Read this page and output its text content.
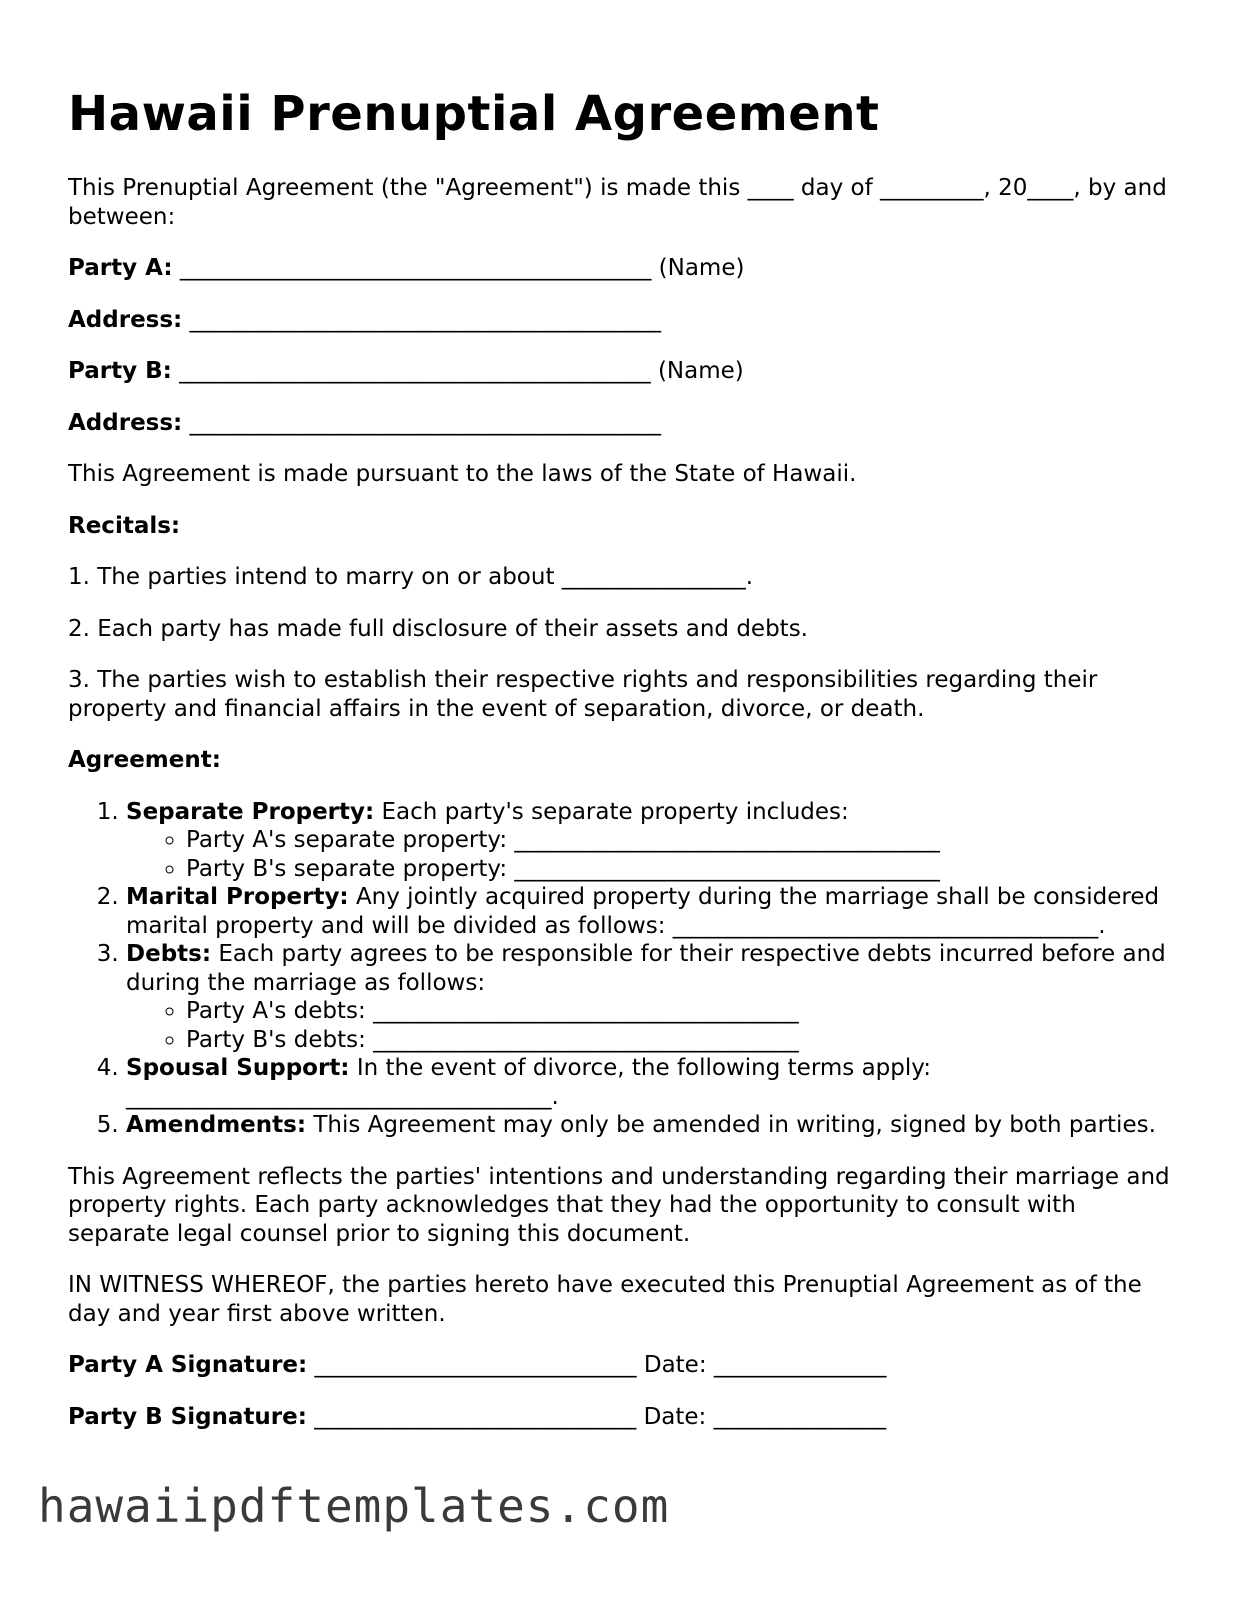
Hawaii Prenuptial Agreement

This Prenuptial Agreement (the "Agreement") is made this ____ day of _________, 20____, by and between:

Party A: _________________________________________ (Name)

Address: _________________________________________

Party B: _________________________________________ (Name)

Address: _________________________________________

This Agreement is made pursuant to the laws of the State of Hawaii.

Recitals:

1. The parties intend to marry on or about ________________.

2. Each party has made full disclosure of their assets and debts.

3. The parties wish to establish their respective rights and responsibilities regarding their property and financial affairs in the event of separation, divorce, or death.

Agreement:

1. Separate Property: Each party's separate property includes:
◦ Party A's separate property: _____________________________________
◦ Party B's separate property: _____________________________________
2. Marital Property: Any jointly acquired property during the marriage shall be considered marital property and will be divided as follows: _____________________________________.
3. Debts: Each party agrees to be responsible for their respective debts incurred before and during the marriage as follows:
◦ Party A's debts: _____________________________________
◦ Party B's debts: _____________________________________
4. Spousal Support: In the event of divorce, the following terms apply: _____________________________________.
5. Amendments: This Agreement may only be amended in writing, signed by both parties.

This Agreement reflects the parties' intentions and understanding regarding their marriage and property rights. Each party acknowledges that they had the opportunity to consult with separate legal counsel prior to signing this document.

IN WITNESS WHEREOF, the parties hereto have executed this Prenuptial Agreement as of the day and year first above written.

Party A Signature: ____________________________ Date: _______________

Party B Signature: ____________________________ Date: _______________

hawaiipdftemplates.com
